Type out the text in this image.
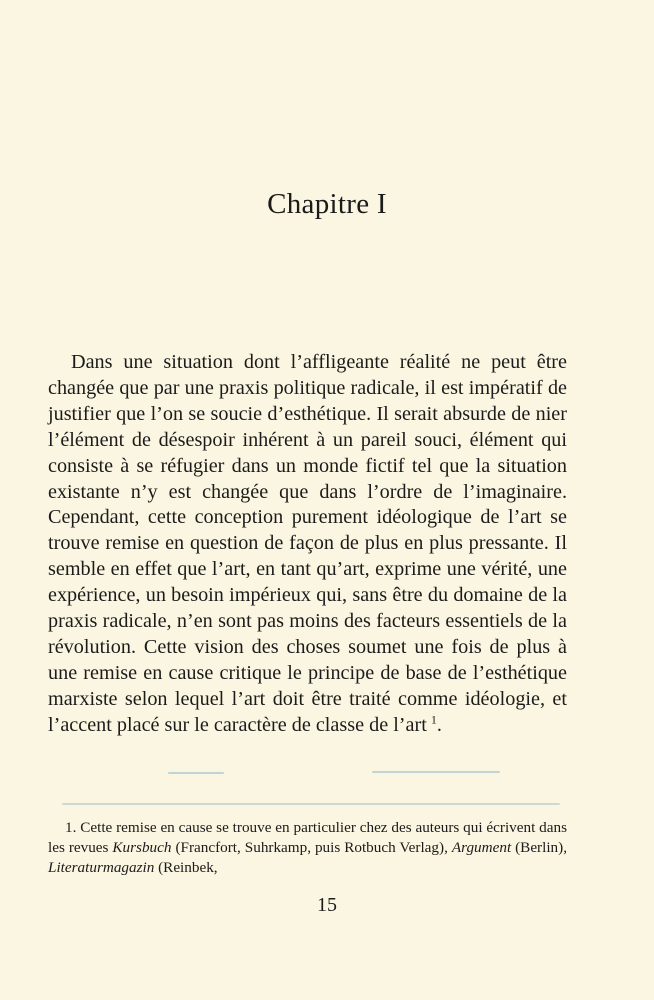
Chapitre I

Dans une situation dont l’affligeante réalité ne peut être changée que par une praxis politique radicale, il est impératif de justifier que l’on se soucie d’esthétique. Il serait absurde de nier l’élément de désespoir inhérent à un pareil souci, élément qui consiste à se réfugier dans un monde fictif tel que la situation existante n’y est changée que dans l’ordre de l’imaginaire. Cependant, cette conception purement idéologique de l’art se trouve remise en question de façon de plus en plus pressante. Il semble en effet que l’art, en tant qu’art, exprime une vérité, une expérience, un besoin impérieux qui, sans être du domaine de la praxis radicale, n’en sont pas moins des facteurs essentiels de la révolution. Cette vision des choses soumet une fois de plus à une remise en cause critique le principe de base de l’esthétique marxiste selon lequel l’art doit être traité comme idéologie, et l’accent placé sur le caractère de classe de l’art  $^1$.

1. Cette remise en cause se trouve en particulier chez des auteurs qui écrivent dans les revues Kursbuch (Francfort, Suhrkamp, puis Rotbuch Verlag), Argument (Berlin), Literaturmagazin (Reinbek,

15
